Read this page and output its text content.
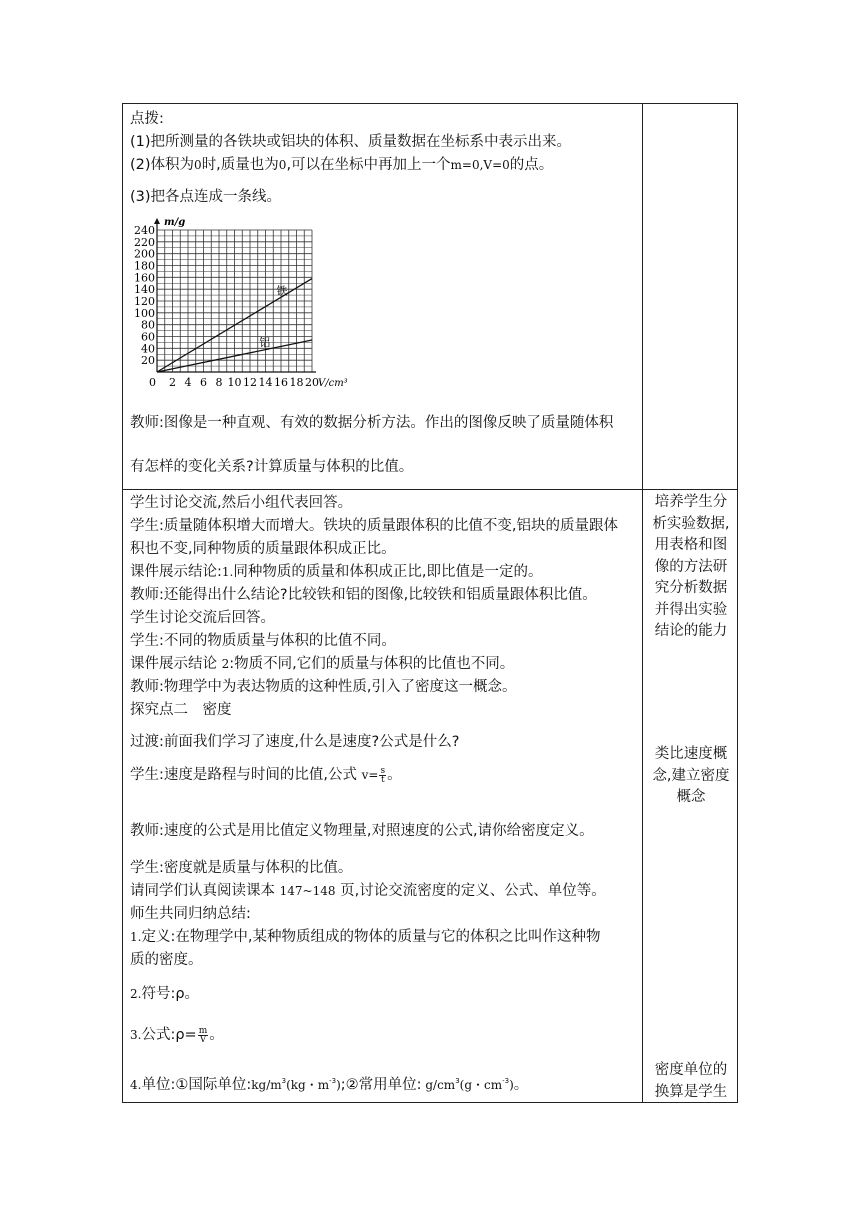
点拨:
(1)把所测量的各铁块或铝块的体积、质量数据在坐标系中表示出来。
(2)体积为0时,质量也为0,可以在坐标中再加上一个m=0,V=0的点。
(3)把各点连成一条线。
20
40
60
80
100
120
140
160
180
200
220
240
2 4 6 8 10 12 14 16 18 20
0
m/g
V/cm³
铁
铝
教师:图像是一种直观、有效的数据分析方法。作出的图像反映了质量随体积
有怎样的变化关系?计算质量与体积的比值。
学生讨论交流,然后小组代表回答。
学生:质量随体积增大而增大。铁块的质量跟体积的比值不变,铝块的质量跟体
积也不变,同种物质的质量跟体积成正比。
课件展示结论:1.同种物质的质量和体积成正比,即比值是一定的。
教师:还能得出什么结论?比较铁和铝的图像,比较铁和铝质量跟体积比值。
学生讨论交流后回答。
学生:不同的物质质量与体积的比值不同。
课件展示结论 2:物质不同,它们的质量与体积的比值也不同。
教师:物理学中为表达物质的这种性质,引入了密度这一概念。
探究点二　密度
过渡:前面我们学习了速度,什么是速度?公式是什么?
学生:速度是路程与时间的比值,公式 $v= \frac{s}{t}$ 。
教师:速度的公式是用比值定义物理量,对照速度的公式,请你给密度定义。
学生:密度就是质量与体积的比值。
请同学们认真阅读课本 147~148 页,讨论交流密度的定义、公式、单位等。
师生共同归纳总结:
1.定义:在物理学中,某种物质组成的物体的质量与它的体积之比叫作这种物
质的密度。
2.符号:ρ。
3.公式:ρ= $\frac{m}{V}$ 。
4.单位:①国际单位$:kg/m^3(kg$・$m^{-3});②$常用单位: $g/cm^3(g$・$cm^{-3}$)。
培养学生分
析实验数据,
用表格和图
像的方法研
究分析数据
并得出实验
结论的能力
类比速度概
念,建立密度
概念
密度单位的
换算是学生
